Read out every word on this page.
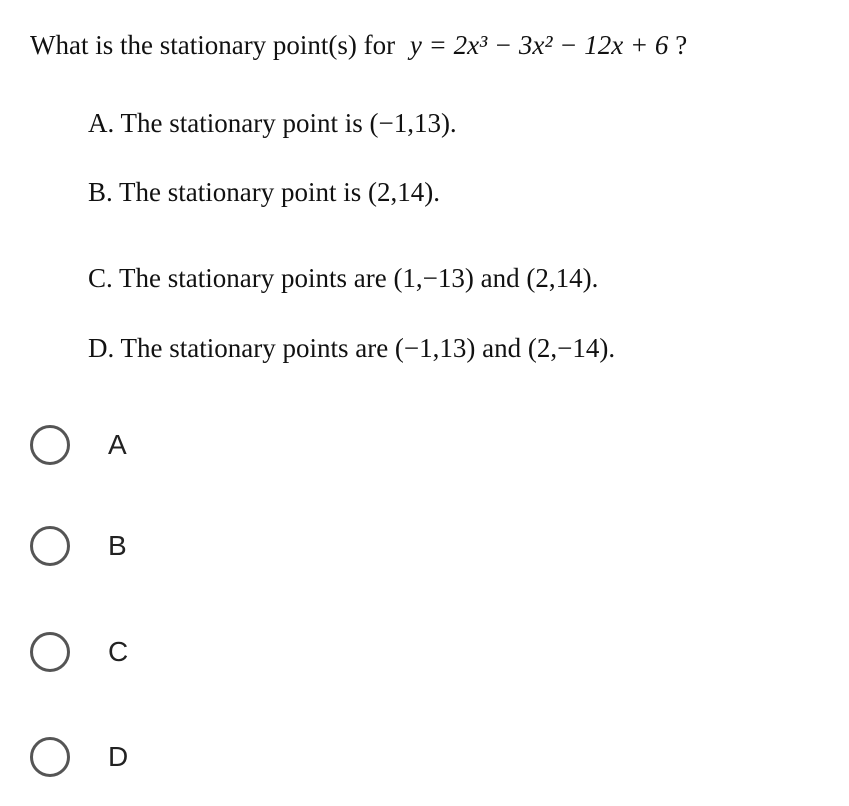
What is the stationary point(s) for y = 2x³ − 3x² − 12x + 6 ?
A. The stationary point is (−1,13).
B. The stationary point is (2,14).
C. The stationary points are (1,−13) and (2,14).
D. The stationary points are (−1,13) and (2,−14).
A
B
C
D
